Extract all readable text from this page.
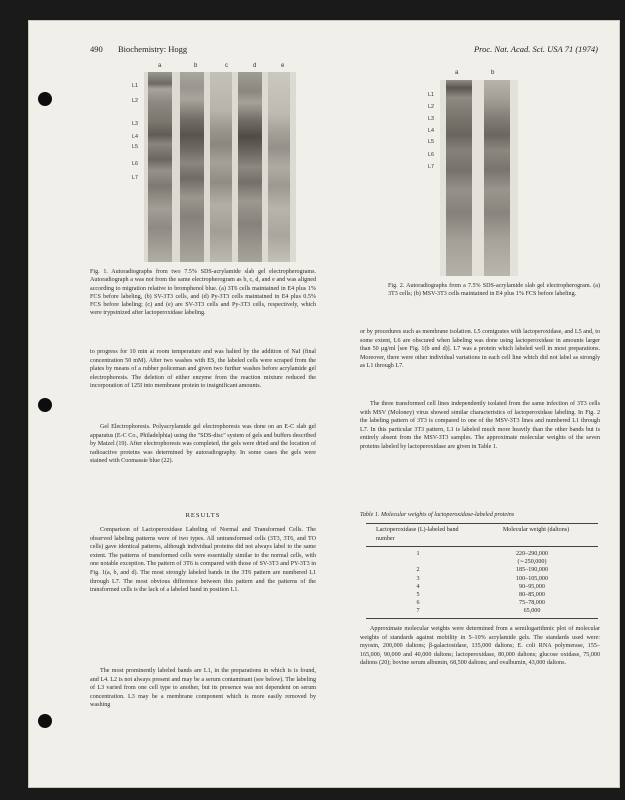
490 Biochemistry: Hogg	Proc. Nat. Acad. Sci. USA 71 (1974)
a	b	c	d	e
L1
L2
L3
L4
L5
L6
L7
Fig. 1. Autoradiographs from two 7.5% SDS-acrylamide slab gel electropherograms. Autoradiograph a was not from the same electropherogram as b, c, d, and e and was aligned according to migration relative to bromphenol blue. (a) 3T6 cells maintained in E4 plus 1% FCS before labeling, (b) SV-3T3 cells, and (d) Py-3T3 cells maintained in E4 plus 0.5% FCS before labeling; (c) and (e) are SV-3T3 cells and Py-3T3 cells, respectively, which were trypsinized after lactoperoxidase labeling.
a	b
L1
L2
L3
L4
L5
L6
L7
Fig. 2. Autoradiographs from a 7.5% SDS-acrylamide slab gel electropherogram. (a) 3T3 cells; (b) MSV-3T3 cells maintained in E4 plus 1% FCS before labeling.
to progress for 10 min at room temperature and was halted by the addition of NaI (final concentration 50 mM). After two washes with ES, the labeled cells were scraped from the plates by means of a rubber policeman and given two further washes before acrylamide gel electrophoresis. The deletion of either enzyme from the reaction mixture reduced the incorporation of 125I into membrane protein to insignificant amounts.
Gel Electrophoresis. Polyacrylamide gel electrophoresis was done on an E-C slab gel apparatus (E-C Co., Philadelphia) using the "SDS-disc" system of gels and buffers described by Maizel (19). After electrophoresis was completed, the gels were dried and the location of radioactive proteins was determined by autoradiography. In some cases the gels were stained with Coomassie blue (22).
RESULTS
Comparison of Lactoperoxidase Labeling of Normal and Transformed Cells. The observed labeling patterns were of two types. All untransformed cells (3T3, 3T6, and TO cells) gave identical patterns, although individual proteins did not always label to the same extent. The patterns of transformed cells were essentially similar to the normal cells, with one notable exception. The pattern of 3T6 is compared with those of SV-3T3 and PY-3T3 in Fig. 1(a, b, and d). The most strongly labeled bands in the 3T6 pattern are numbered L1 through L7. The most obvious difference between this pattern and the patterns of the transformed cells is the lack of a labeled band in position L1.
The most prominently labeled bands are L1, in the preparations in which is is found, and L4. L2 is not always present and may be a serum contaminant (see below). The labeling of L3 varied from one cell type to another, but its presence was not dependent on serum concentration. L3 may be a membrane component which is more easily removed by washing
or by procedures such as membrane isolation. L5 comigrates with lactoperoxidase, and L5 and, to some extent, L6 are obscured when labeling was done using lactoperoxidase in amounts larger than 50 µg/ml [see Fig. 1(b and d)]. L7 was a protein which labeled well in most preparations. Moreover, there were other individual variations in each cell line which did not label as strongly as L1 through L7.
The three transformed cell lines independently isolated from the same infection of 3T3 cells with MSV (Moloney) virus showed similar characteristics of lactoperoxidase labeling. In Fig. 2 the labeling pattern of 3T3 is compared to one of the MSV-3T3 lines and numbered L1 through L7. In this particular 3T3 pattern, L1 is labeled much more heavily than the other bands but is entirely absent from the MSV-3T3 samples. The approximate molecular weights of the seven proteins labeled by lactoperoxidase are given in Table 1.
Table 1. Molecular weights of lactoperoxidase-labeled proteins
Lactoperoxidase (L)-labeled band number
Molecular weight (daltons)
1	220–290,000
	(∼250,000)
2	185–190,000
3	100–105,000
4	90–95,000
5	80–85,000
6	75–78,000
7	65,000
Approximate molecular weights were determined from a semilogarithmic plot of molecular weights of standards against mobility in 5–10% acrylamide gels. The standards used were: myosin, 200,000 daltons; β-galactosidase, 135,000 daltons; E. coli RNA polymerase, 155–165,000, 90,000 and 40,000 daltons; lactoperoxidase, 80,000 daltons; glucose oxidase, 75,000 daltons (20); bovine serum albumin, 68,500 daltons; and ovalbumin, 43,000 daltons.
